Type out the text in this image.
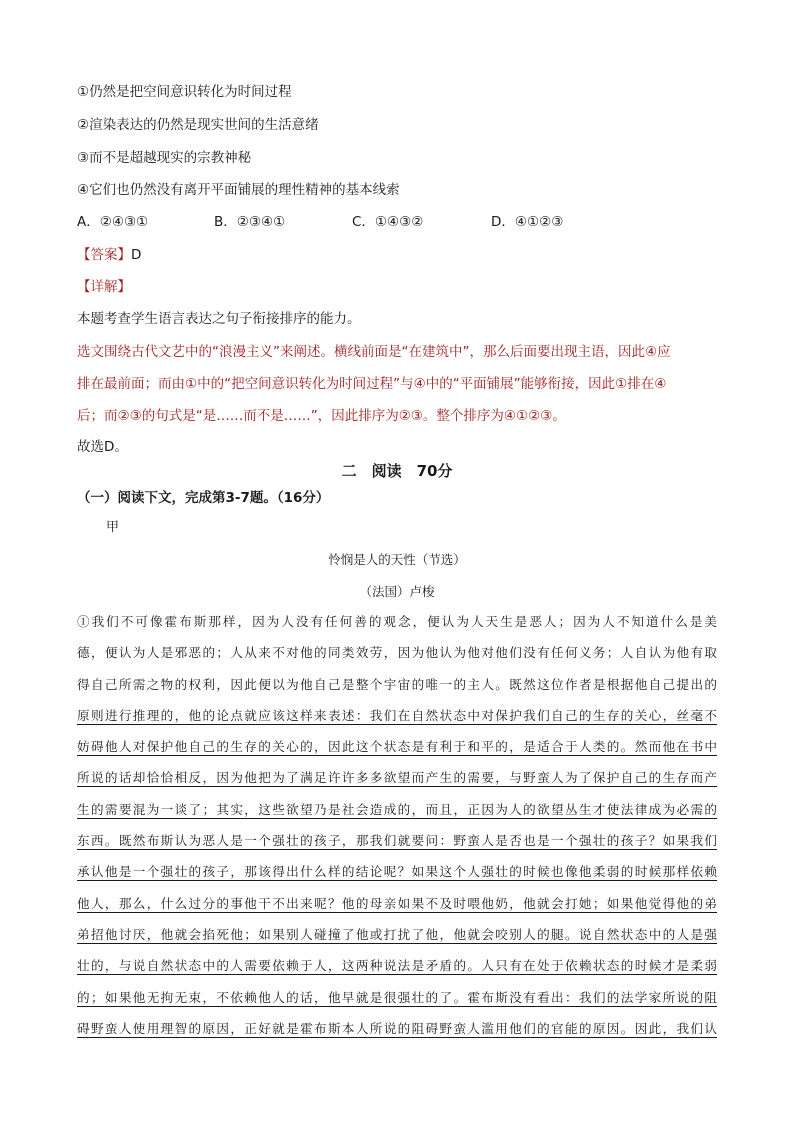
①仍然是把空间意识转化为时间过程
②渲染表达的仍然是现实世间的生活意绪
③而不是超越现实的宗教神秘
④它们也仍然没有离开平面铺展的理性精神的基本线索
A．②④③①	B．②③④①	C．①④③②	D．④①②③
【答案】D
【详解】
本题考查学生语言表达之句子衔接排序的能力。
选文围绕古代文艺中的“浪漫主义”来阐述。横线前面是“在建筑中”，那么后面要出现主语，因此④应
排在最前面；而由①中的“把空间意识转化为时间过程”与④中的“平面铺展”能够衔接，因此①排在④
后；而②③的句式是“是……而不是……”，因此排序为②③。整个排序为④①②③。
故选D。
二　阅读　70分
（一）阅读下文，完成第3-7题。（16分）
甲
怜悯是人的天性（节选）
（法国）卢梭
①我们不可像霍布斯那样，因为人没有任何善的观念，便认为人天生是恶人；因为人不知道什么是美
德，便认为人是邪恶的；人从来不对他的同类效劳，因为他认为他对他们没有任何义务；人自认为他有取
得自己所需之物的权利，因此便以为他自己是整个宇宙的唯一的主人。既然这位作者是根据他自己提出的
原则进行推理的，他的论点就应该这样来表述：我们在自然状态中对保护我们自己的生存的关心，丝毫不
妨碍他人对保护他自己的生存的关心的，因此这个状态是有利于和平的，是适合于人类的。然而他在书中
所说的话却恰恰相反，因为他把为了满足许许多多欲望而产生的需要，与野蛮人为了保护自己的生存而产
生的需要混为一谈了；其实，这些欲望乃是社会造成的，而且，正因为人的欲望丛生才使法律成为必需的
东西。既然布斯认为恶人是一个强壮的孩子，那我们就要问：野蛮人是否也是一个强壮的孩子？如果我们
承认他是一个强壮的孩子，那该得出什么样的结论呢？如果这个人强壮的时候也像他柔弱的时候那样依赖
他人，那么，什么过分的事他干不出来呢？他的母亲如果不及时喂他奶，他就会打她；如果他觉得他的弟
弟招他讨厌，他就会掐死他；如果别人碰撞了他或打扰了他，他就会咬别人的腿。说自然状态中的人是强
壮的，与说自然状态中的人需要依赖于人，这两种说法是矛盾的。人只有在处于依赖状态的时候才是柔弱
的；如果他无拘无束，不依赖他人的话，他早就是很强壮的了。霍布斯没有看出：我们的法学家所说的阻
碍野蛮人使用理智的原因，正好就是霍布斯本人所说的阻碍野蛮人滥用他们的官能的原因。因此，我们认
